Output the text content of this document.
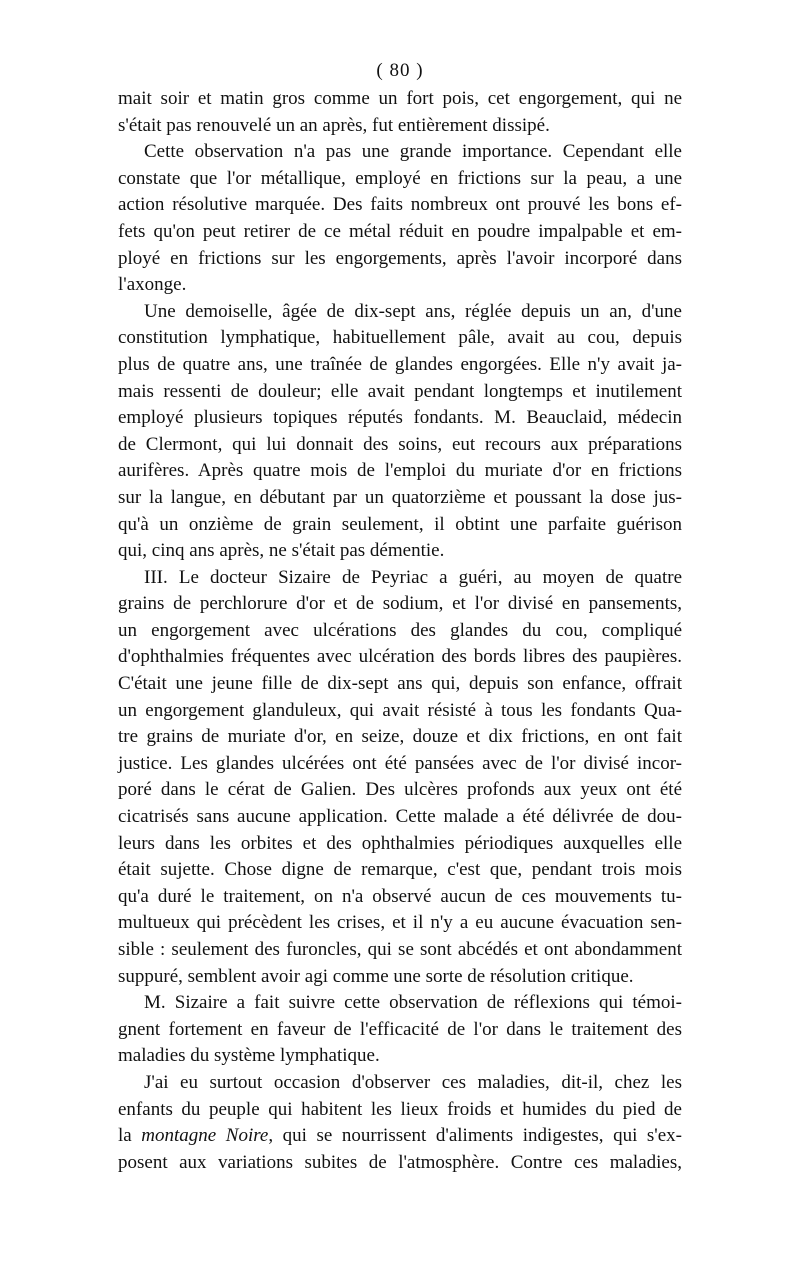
( 80 )
mait soir et matin gros comme un fort pois, cet engorgement, qui ne
s'était pas renouvelé un an après, fut entièrement dissipé.
Cette observation n'a pas une grande importance. Cependant elle
constate que l'or métallique, employé en frictions sur la peau, a une
action résolutive marquée. Des faits nombreux ont prouvé les bons ef-
fets qu'on peut retirer de ce métal réduit en poudre impalpable et em-
ployé en frictions sur les engorgements, après l'avoir incorporé dans
l'axonge.
Une demoiselle, âgée de dix-sept ans, réglée depuis un an, d'une
constitution lymphatique, habituellement pâle, avait au cou, depuis
plus de quatre ans, une traînée de glandes engorgées. Elle n'y avait ja-
mais ressenti de douleur; elle avait pendant longtemps et inutilement
employé plusieurs topiques réputés fondants. M. Beauclaid, médecin
de Clermont, qui lui donnait des soins, eut recours aux préparations
aurifères. Après quatre mois de l'emploi du muriate d'or en frictions
sur la langue, en débutant par un quatorzième et poussant la dose jus-
qu'à un onzième de grain seulement, il obtint une parfaite guérison
qui, cinq ans après, ne s'était pas démentie.
III. Le docteur Sizaire de Peyriac a guéri, au moyen de quatre
grains de perchlorure d'or et de sodium, et l'or divisé en pansements,
un engorgement avec ulcérations des glandes du cou, compliqué
d'ophthalmies fréquentes avec ulcération des bords libres des paupières.
C'était une jeune fille de dix-sept ans qui, depuis son enfance, offrait
un engorgement glanduleux, qui avait résisté à tous les fondants Qua-
tre grains de muriate d'or, en seize, douze et dix frictions, en ont fait
justice. Les glandes ulcérées ont été pansées avec de l'or divisé incor-
poré dans le cérat de Galien. Des ulcères profonds aux yeux ont été
cicatrisés sans aucune application. Cette malade a été délivrée de dou-
leurs dans les orbites et des ophthalmies périodiques auxquelles elle
était sujette. Chose digne de remarque, c'est que, pendant trois mois
qu'a duré le traitement, on n'a observé aucun de ces mouvements tu-
multueux qui précèdent les crises, et il n'y a eu aucune évacuation sen-
sible : seulement des furoncles, qui se sont abcédés et ont abondamment
suppuré, semblent avoir agi comme une sorte de résolution critique.
M. Sizaire a fait suivre cette observation de réflexions qui témoi-
gnent fortement en faveur de l'efficacité de l'or dans le traitement des
maladies du système lymphatique.
J'ai eu surtout occasion d'observer ces maladies, dit-il, chez les
enfants du peuple qui habitent les lieux froids et humides du pied de
la montagne Noire, qui se nourrissent d'aliments indigestes, qui s'ex-
posent aux variations subites de l'atmosphère. Contre ces maladies,
